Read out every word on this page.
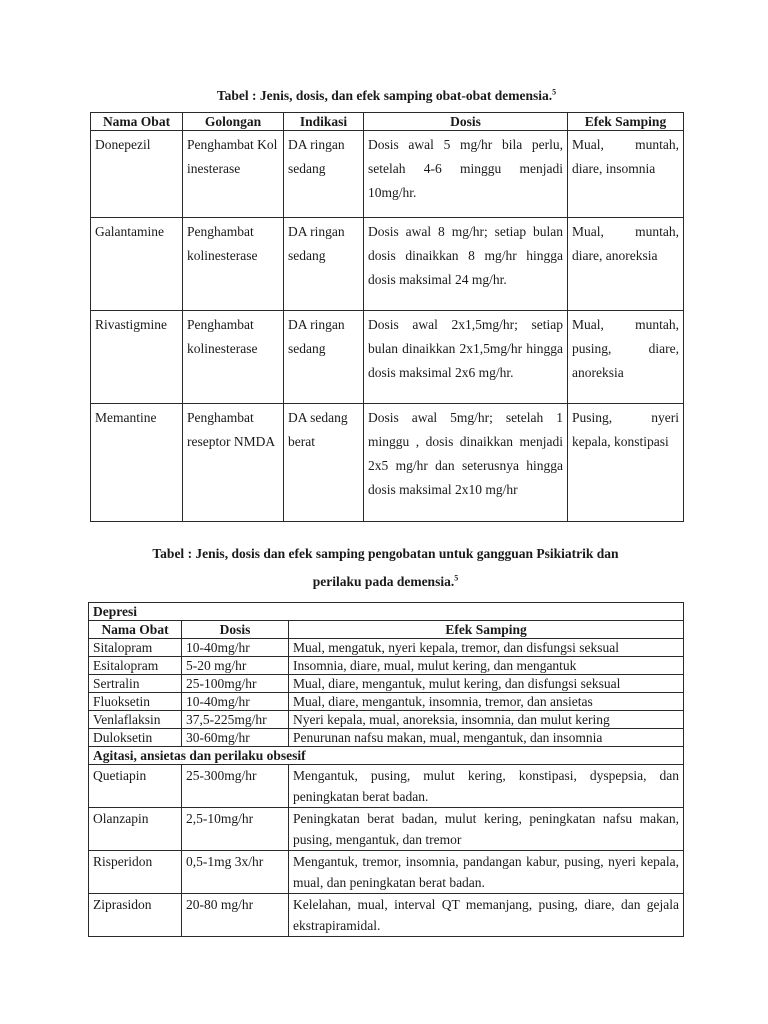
Tabel : Jenis, dosis, dan efek samping obat-obat demensia.$^5$
Nama Obat	Golongan	Indikasi	Dosis	Efek Samping
Donepezil	Penghambat Kolinesterase	DA ringan sedang	Dosis awal 5 mg/hr bila perlu, setelah 4-6 minggu menjadi 10mg/hr.	Mual, muntah, diare, insomnia
Galantamine	Penghambat kolinesterase	DA ringan sedang	Dosis awal 8 mg/hr; setiap bulan dosis dinaikkan 8 mg/hr hingga dosis maksimal 24 mg/hr.	Mual, muntah, diare, anoreksia
Rivastigmine	Penghambat kolinesterase	DA ringan sedang	Dosis awal 2x1,5mg/hr; setiap bulan dinaikkan 2x1,5mg/hr hingga dosis maksimal 2x6 mg/hr.	Mual, muntah, pusing, diare, anoreksia
Memantine	Penghambat reseptor NMDA	DA sedang berat	Dosis awal 5mg/hr; setelah 1 minggu , dosis dinaikkan menjadi 2x5 mg/hr dan seterusnya hingga dosis maksimal 2x10 mg/hr	Pusing, nyeri kepala, konstipasi
Tabel : Jenis, dosis dan efek samping pengobatan untuk gangguan Psikiatrik dan
perilaku pada demensia.$^5$
Depresi		
Nama Obat	Dosis	Efek Samping
Sitalopram	10-40mg/hr	Mual, mengatuk, nyeri kepala, tremor, dan disfungsi seksual
Esitalopram	5-20 mg/hr	Insomnia, diare, mual, mulut kering, dan mengantuk
Sertralin	25-100mg/hr	Mual, diare, mengantuk, mulut kering, dan disfungsi seksual
Fluoksetin	10-40mg/hr	Mual, diare, mengantuk, insomnia, tremor, dan ansietas
Venlaflaksin	37,5-225mg/hr	Nyeri kepala, mual, anoreksia, insomnia, dan mulut kering
Duloksetin	30-60mg/hr	Penurunan nafsu makan, mual, mengantuk, dan insomnia
Agitasi, ansietas dan perilaku obsesif		
Quetiapin	25-300mg/hr	Mengantuk, pusing, mulut kering, konstipasi, dyspepsia, dan peningkatan berat badan.
Olanzapin	2,5-10mg/hr	Peningkatan berat badan, mulut kering, peningkatan nafsu makan, pusing, mengantuk, dan tremor
Risperidon	0,5-1mg 3x/hr	Mengantuk, tremor, insomnia, pandangan kabur, pusing, nyeri kepala, mual, dan peningkatan berat badan.
Ziprasidon	20-80 mg/hr	Kelelahan, mual, interval QT memanjang, pusing, diare, dan gejala ekstrapiramidal.
